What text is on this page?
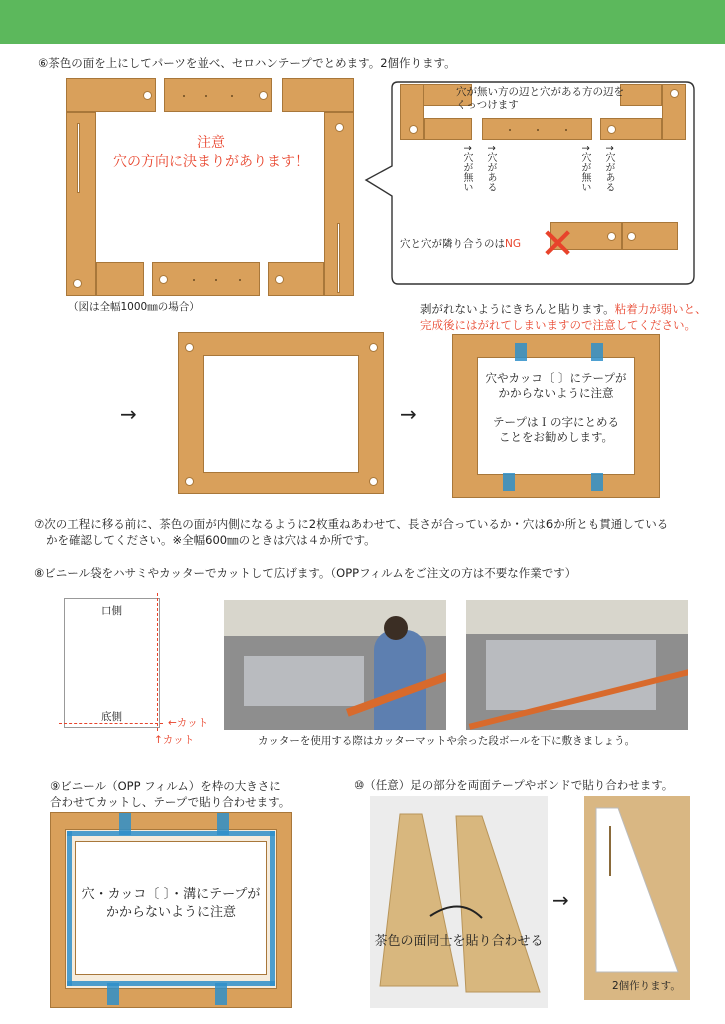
⑥茶色の面を上にしてパーツを並べ、セロハンテープでとめます。2個作ります。
注意
穴の方向に決まりがあります！
（図は全幅1000㎜の場合）
穴が無い方の辺と穴がある方の辺を
くっつけます
↑穴が無い ↑穴がある	↑穴が無い ↑穴がある
穴と穴が隣り合うのはNG ✕
剥がれないようにきちんと貼ります。粘着力が弱いと、
完成後にはがれてしまいますので注意してください。
→	→
穴やカッコ〔 〕にテープが
かからないように注意
テープはＩの字にとめる
ことをお勧めします。
⑦次の工程に移る前に、茶色の面が内側になるように2枚重ねあわせて、長さが合っているか・穴は6か所とも貫通している
かを確認してください。※全幅600㎜のときは穴は４か所です。
⑧ビニール袋をハサミやカッターでカットして広げます。（OPPフィルムをご注文の方は不要な作業です）
口側
底側	←カット
↑カット	カッターを使用する際はカッターマットや余った段ボールを下に敷きましょう。
⑨ビニール（OPP フィルム）を枠の大きさに
合わせてカットし、テープで貼り合わせます。
穴・カッコ〔 〕・溝にテープが
かからないように注意
⑩（任意）足の部分を両面テープやボンドで貼り合わせます。
茶色の面同士を貼り合わせる
→
2個作ります。
